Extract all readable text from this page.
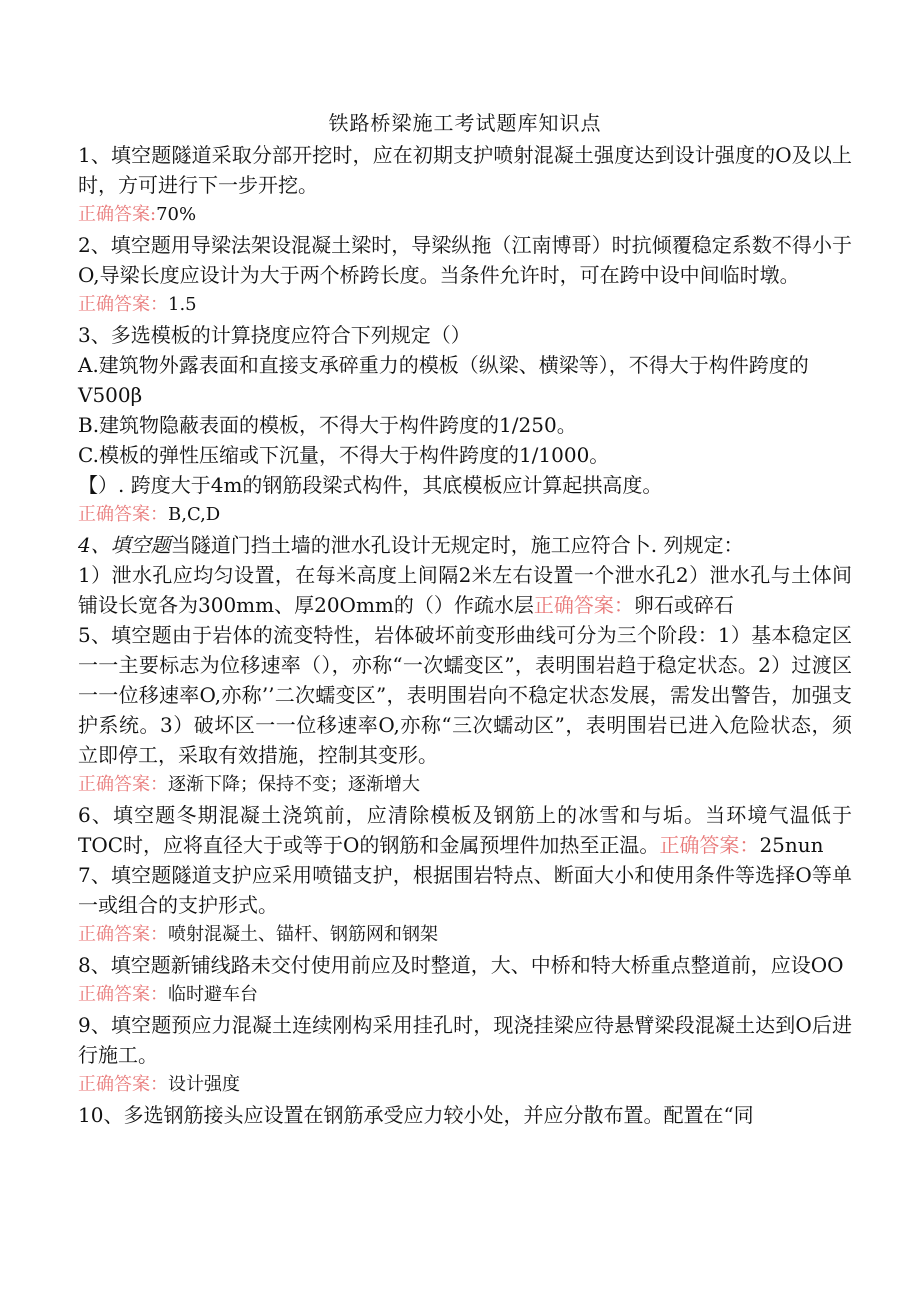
铁路桥梁施工考试题库知识点

1、填空题隧道采取分部开挖时，应在初期支护喷射混凝土强度达到设计强度的O及以上时，方可进行下一步开挖。

正确答案:70%

2、填空题用导梁法架设混凝土梁时，导梁纵拖（江南博哥）时抗倾覆稳定系数不得小于O,导梁长度应设计为大于两个桥跨长度。当条件允许时，可在跨中设中间临时墩。

正确答案：1.5

3、多选模板的计算挠度应符合下列规定（）

A.建筑物外露表面和直接支承碎重力的模板（纵梁、横梁等），不得大于构件跨度的V500β

B.建筑物隐蔽表面的模板，不得大于构件跨度的1/250。

C.模板的弹性压缩或下沉量，不得大于构件跨度的1/1000。

【）. 跨度大于4m的钢筋段梁式构件，其底模板应计算起拱高度。

正确答案：B,C,D

4、填空题当隧道门挡土墙的泄水孔设计无规定时，施工应符合卜. 列规定：

1）泄水孔应均匀设置，在每米高度上间隔2米左右设置一个泄水孔2）泄水孔与土体间铺设长宽各为300mm、厚20Omm的（）作疏水层正确答案：卵石或碎石

5、填空题由于岩体的流变特性，岩体破坏前变形曲线可分为三个阶段：1）基本稳定区一一主要标志为位移速率（），亦称“一次蠕变区”，表明围岩趋于稳定状态。2）过渡区一一位移速率O,亦称’’二次蠕变区”，表明围岩向不稳定状态发展，需发出警告，加强支护系统。3）破坏区一一位移速率O,亦称“三次蠕动区”，表明围岩已进入危险状态，须立即停工，采取有效措施，控制其变形。

正确答案：逐渐下降；保持不变；逐渐增大

6、填空题冬期混凝土浇筑前，应清除模板及钢筋上的冰雪和与垢。当环境气温低于TOC时，应将直径大于或等于O的钢筋和金属预埋件加热至正温。正确答案：25nun

7、填空题隧道支护应采用喷锚支护，根据围岩特点、断面大小和使用条件等选择O等单一或组合的支护形式。

正确答案：喷射混凝土、锚杆、钢筋网和钢架

8、填空题新铺线路未交付使用前应及时整道，大、中桥和特大桥重点整道前，应设OO

正确答案：临时避车台

9、填空题预应力混凝土连续刚构采用挂孔时，现浇挂梁应待悬臂梁段混凝土达到O后进行施工。

正确答案：设计强度

10、多选钢筋接头应设置在钢筋承受应力较小处，并应分散布置。配置在“同
